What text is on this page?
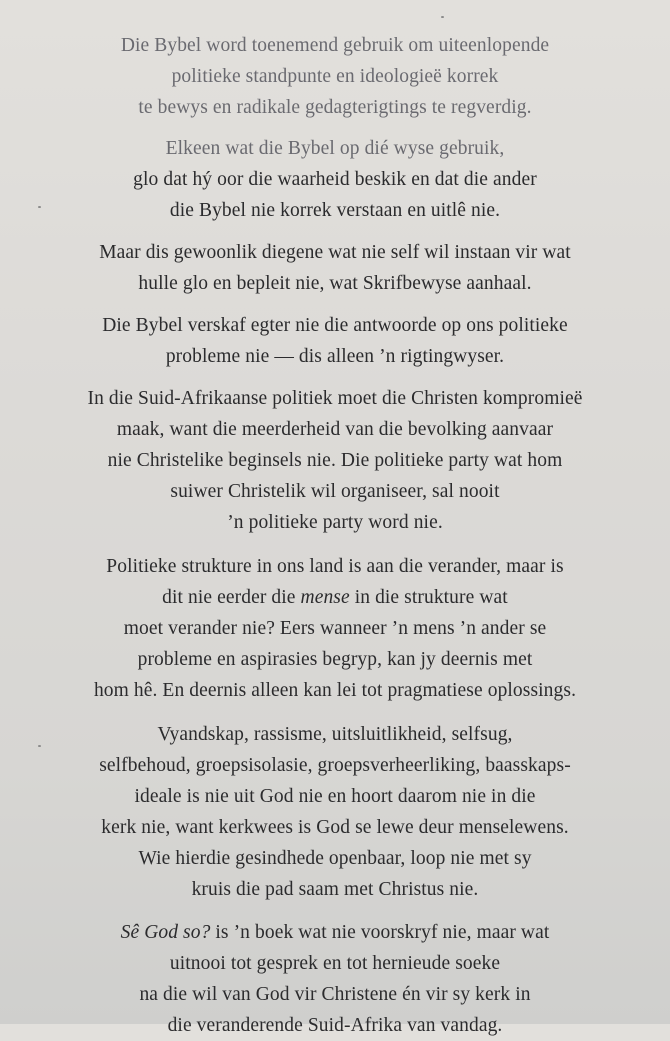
Die Bybel word toenemend gebruik om uiteenlopende
politieke standpunte en ideologieë korrek
te bewys en radikale gedagterigtings te regverdig.
Elkeen wat die Bybel op dié wyse gebruik,
glo dat hý oor die waarheid beskik en dat die ander
die Bybel nie korrek verstaan en uitlê nie.
Maar dis gewoonlik diegene wat nie self wil instaan vir wat
hulle glo en bepleit nie, wat Skrifbewyse aanhaal.
Die Bybel verskaf egter nie die antwoorde op ons politieke
probleme nie — dis alleen ’n rigtingwyser.
In die Suid-Afrikaanse politiek moet die Christen kompromieë
maak, want die meerderheid van die bevolking aanvaar
nie Christelike beginsels nie. Die politieke party wat hom
suiwer Christelik wil organiseer, sal nooit
’n politieke party word nie.
Politieke strukture in ons land is aan die verander, maar is
dit nie eerder die mense in die strukture wat
moet verander nie? Eers wanneer ’n mens ’n ander se
probleme en aspirasies begryp, kan jy deernis met
hom hê. En deernis alleen kan lei tot pragmatiese oplossings.
Vyandskap, rassisme, uitsluitlikheid, selfsug,
selfbehoud, groepsisolasie, groepsverheerliking, baasskaps-
ideale is nie uit God nie en hoort daarom nie in die
kerk nie, want kerkwees is God se lewe deur menselewens.
Wie hierdie gesindhede openbaar, loop nie met sy
kruis die pad saam met Christus nie.
Sê God so? is ’n boek wat nie voorskryf nie, maar wat
uitnooi tot gesprek en tot hernieude soeke
na die wil van God vir Christene én vir sy kerk in
die veranderende Suid-Afrika van vandag.
